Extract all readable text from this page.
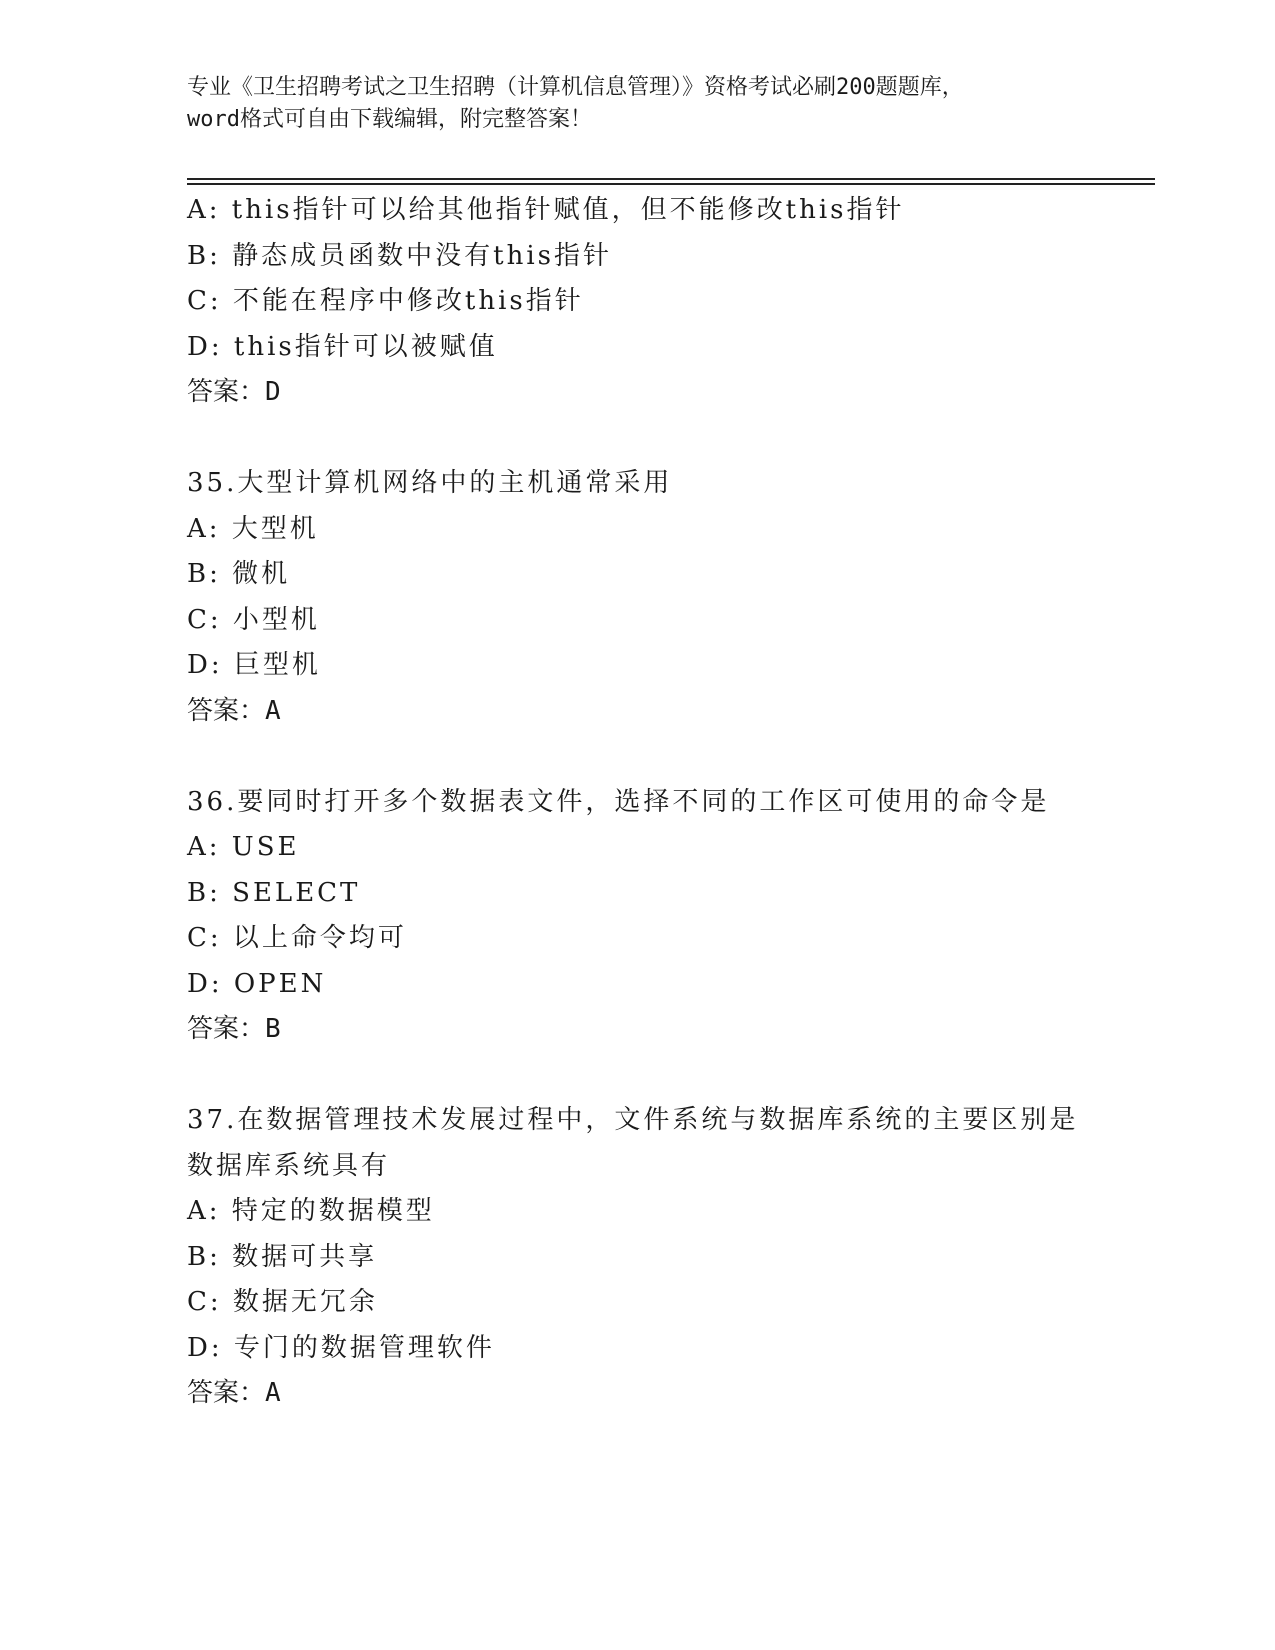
专业《卫生招聘考试之卫生招聘（计算机信息管理）》资格考试必刷200题题库，
word格式可自由下载编辑，附完整答案！
A: this指针可以给其他指针赋值，但不能修改this指针
B: 静态成员函数中没有this指针
C: 不能在程序中修改this指针
D: this指针可以被赋值
答案：D
35.大型计算机网络中的主机通常采用
A: 大型机
B: 微机
C: 小型机
D: 巨型机
答案：A
36.要同时打开多个数据表文件，选择不同的工作区可使用的命令是
A: USE
B: SELECT
C: 以上命令均可
D: OPEN
答案：B
37.在数据管理技术发展过程中，文件系统与数据库系统的主要区别是
数据库系统具有
A: 特定的数据模型
B: 数据可共享
C: 数据无冗余
D: 专门的数据管理软件
答案：A
